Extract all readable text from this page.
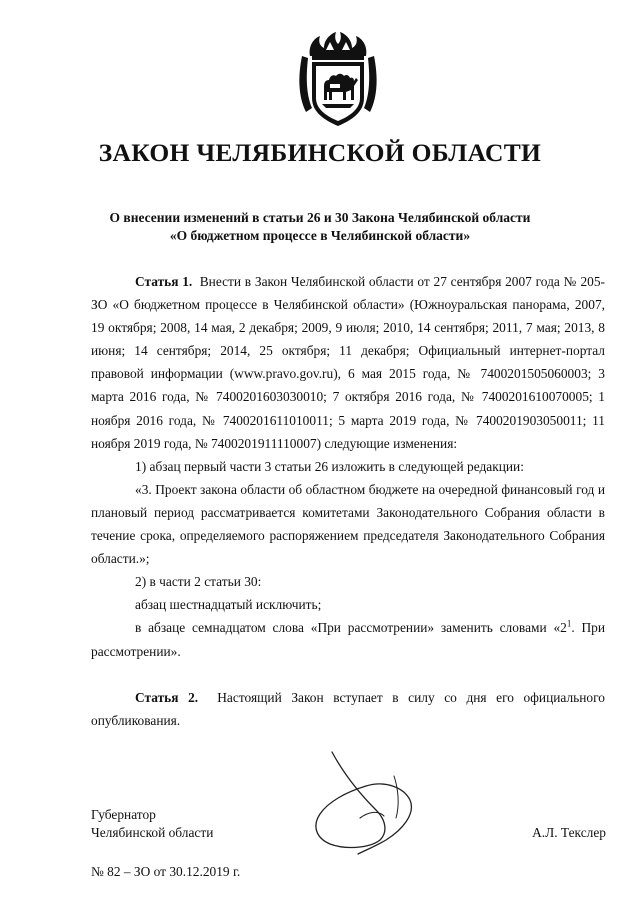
ЗАКОН ЧЕЛЯБИНСКОЙ ОБЛАСТИ
О внесении изменений в статьи 26 и 30 Закона Челябинской области
«О бюджетном процессе в Челябинской области»

Статья 1. Внести в Закон Челябинской области от 27 сентября 2007 года № 205-ЗО «О бюджетном процессе в Челябинской области» (Южноуральская панорама, 2007, 19 октября; 2008, 14 мая, 2 декабря; 2009, 9 июля; 2010, 14 сентября; 2011, 7 мая; 2013, 8 июня; 14 сентября; 2014, 25 октября; 11 декабря; Официальный интернет-портал правовой информации (www.pravo.gov.ru), 6 мая 2015 года, № 7400201505060003; 3 марта 2016 года, № 7400201603030010; 7 октября 2016 года, № 7400201610070005; 1 ноября 2016 года, № 7400201611010011; 5 марта 2019 года, № 7400201903050011; 11 ноября 2019 года, № 7400201911110007) следующие изменения:

1) абзац первый части 3 статьи 26 изложить в следующей редакции:

«3. Проект закона области об областном бюджете на очередной финансовый год и плановый период рассматривается комитетами Законодательного Собрания области в течение срока, определяемого распоряжением председателя Законодательного Собрания области.»;

2) в части 2 статьи 30:

абзац шестнадцатый исключить;

в абзаце семнадцатом слова «При рассмотрении» заменить словами «$2^1$. При рассмотрении».

Статья 2. Настоящий Закон вступает в силу со дня его официального опубликования.

Губернатор
Челябинской области	А.Л. Текслер
№ 82 – ЗО от 30.12.2019 г.
